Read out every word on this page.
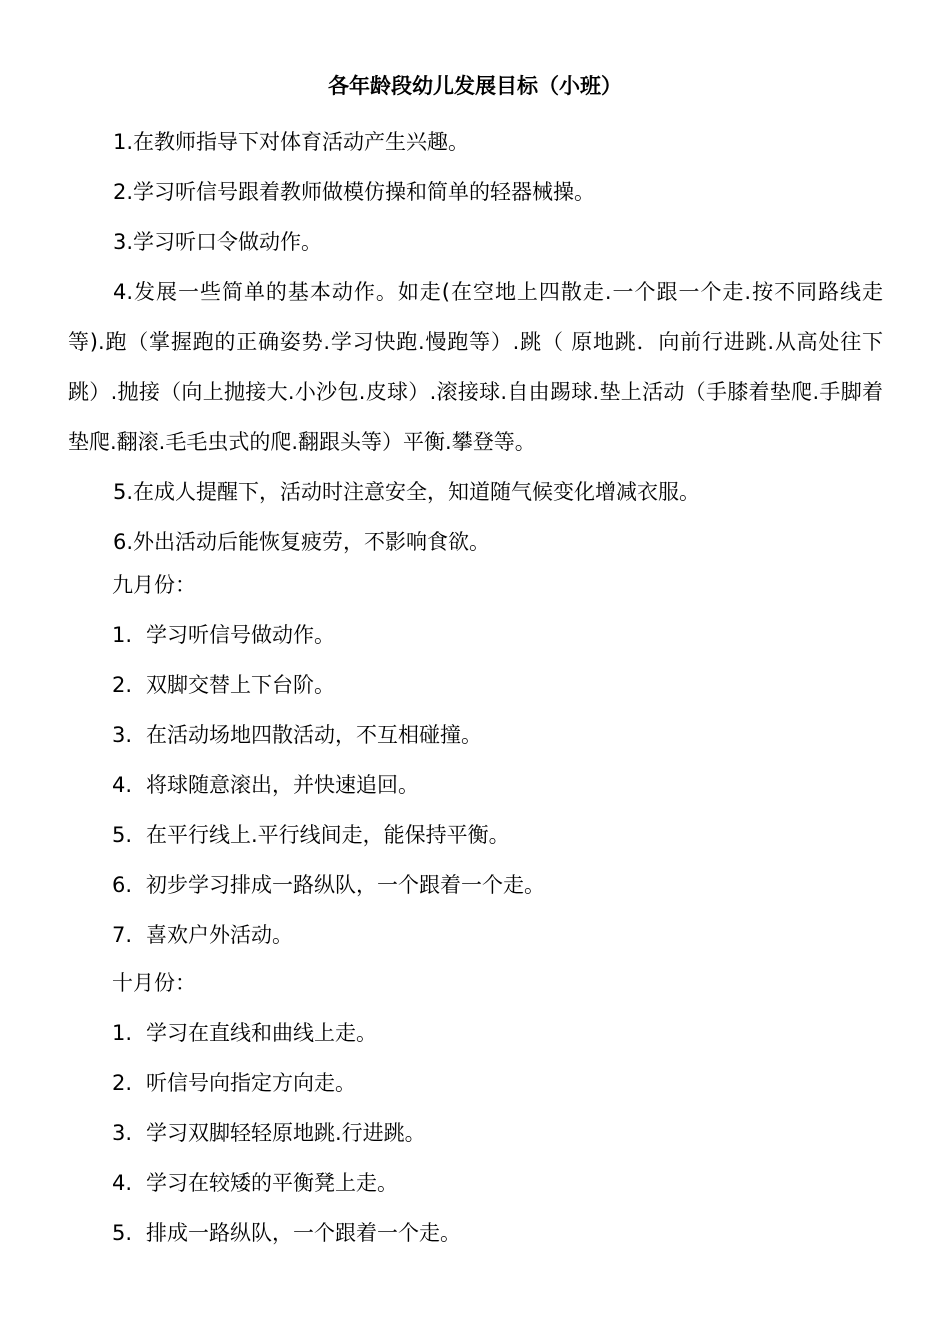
各年龄段幼儿发展目标（小班）

1.在教师指导下对体育活动产生兴趣。

2.学习听信号跟着教师做模仿操和简单的轻器械操。

3.学习听口令做动作。

4.发展一些简单的基本动作。如走(在空地上四散走.一个跟一个走.按不同路线走等).跑（掌握跑的正确姿势.学习快跑.慢跑等）.跳（ 原地跳．向前行进跳.从高处往下跳）.抛接（向上抛接大.小沙包.皮球）.滚接球.自由踢球.垫上活动（手膝着垫爬.手脚着垫爬.翻滚.毛毛虫式的爬.翻跟头等）平衡.攀登等。

5.在成人提醒下，活动时注意安全，知道随气候变化增减衣服。

6.外出活动后能恢复疲劳，不影响食欲。

九月份：

1. 学习听信号做动作。
2. 双脚交替上下台阶。
3. 在活动场地四散活动，不互相碰撞。
4. 将球随意滚出，并快速追回。
5. 在平行线上.平行线间走，能保持平衡。
6. 初步学习排成一路纵队，一个跟着一个走。
7. 喜欢户外活动。

十月份：

1. 学习在直线和曲线上走。
2. 听信号向指定方向走。
3. 学习双脚轻轻原地跳.行进跳。
4. 学习在较矮的平衡凳上走。
5. 排成一路纵队，一个跟着一个走。
